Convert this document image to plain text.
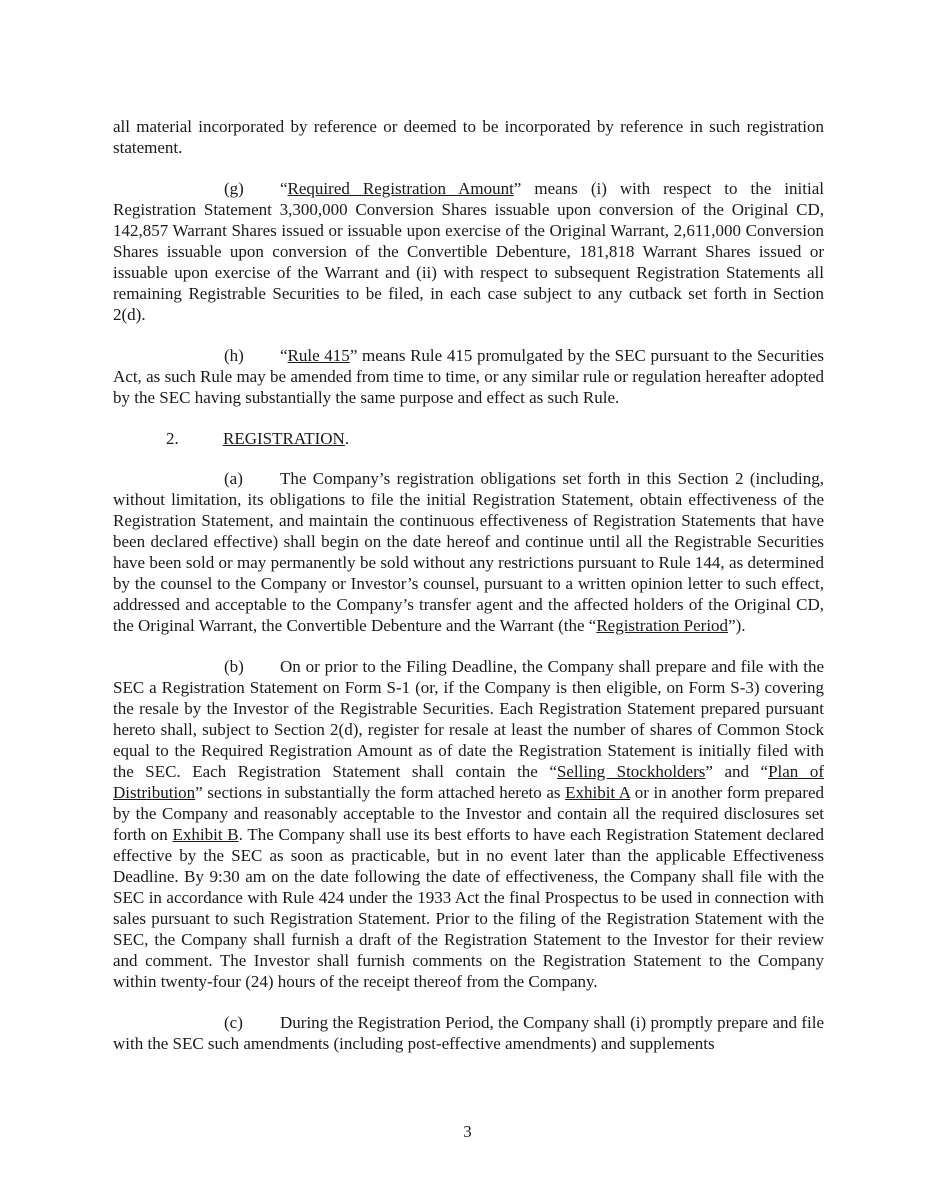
all material incorporated by reference or deemed to be incorporated by reference in such registration statement.

(g) “Required Registration Amount” means (i) with respect to the initial Registration Statement 3,300,000 Conversion Shares issuable upon conversion of the Original CD, 142,857 Warrant Shares issued or issuable upon exercise of the Original Warrant, 2,611,000 Conversion Shares issuable upon conversion of the Convertible Debenture, 181,818 Warrant Shares issued or issuable upon exercise of the Warrant and (ii) with respect to subsequent Registration Statements all remaining Registrable Securities to be filed, in each case subject to any cutback set forth in Section 2(d).

(h) “Rule 415” means Rule 415 promulgated by the SEC pursuant to the Securities Act, as such Rule may be amended from time to time, or any similar rule or regulation hereafter adopted by the SEC having substantially the same purpose and effect as such Rule.

2.	REGISTRATION.

(a) The Company’s registration obligations set forth in this Section 2 (including, without limitation, its obligations to file the initial Registration Statement, obtain effectiveness of the Registration Statement, and maintain the continuous effectiveness of Registration Statements that have been declared effective) shall begin on the date hereof and continue until all the Registrable Securities have been sold or may permanently be sold without any restrictions pursuant to Rule 144, as determined by the counsel to the Company or Investor’s counsel, pursuant to a written opinion letter to such effect, addressed and acceptable to the Company’s transfer agent and the affected holders of the Original CD, the Original Warrant, the Convertible Debenture and the Warrant (the “Registration Period”).

(b) On or prior to the Filing Deadline, the Company shall prepare and file with the SEC a Registration Statement on Form S-1 (or, if the Company is then eligible, on Form S-3) covering the resale by the Investor of the Registrable Securities. Each Registration Statement prepared pursuant hereto shall, subject to Section 2(d), register for resale at least the number of shares of Common Stock equal to the Required Registration Amount as of date the Registration Statement is initially filed with the SEC. Each Registration Statement shall contain the “Selling Stockholders” and “Plan of Distribution” sections in substantially the form attached hereto as Exhibit A or in another form prepared by the Company and reasonably acceptable to the Investor and contain all the required disclosures set forth on Exhibit B. The Company shall use its best efforts to have each Registration Statement declared effective by the SEC as soon as practicable, but in no event later than the applicable Effectiveness Deadline. By 9:30 am on the date following the date of effectiveness, the Company shall file with the SEC in accordance with Rule 424 under the 1933 Act the final Prospectus to be used in connection with sales pursuant to such Registration Statement. Prior to the filing of the Registration Statement with the SEC, the Company shall furnish a draft of the Registration Statement to the Investor for their review and comment. The Investor shall furnish comments on the Registration Statement to the Company within twenty-four (24) hours of the receipt thereof from the Company.

(c) During the Registration Period, the Company shall (i) promptly prepare and file with the SEC such amendments (including post-effective amendments) and supplements

3
